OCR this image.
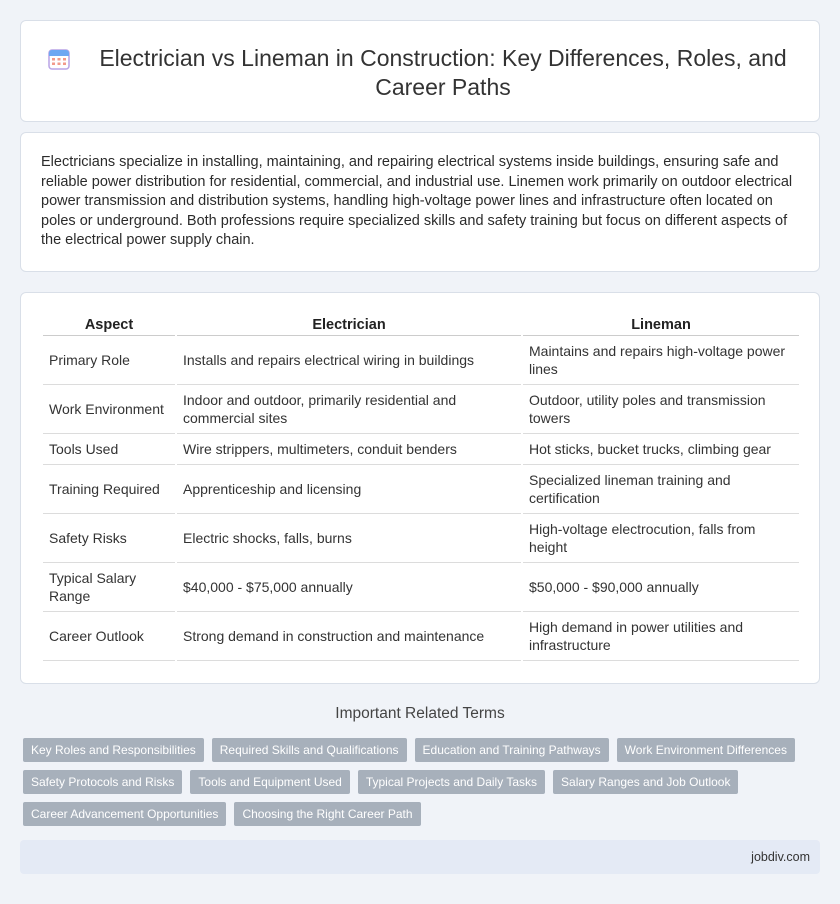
Electrician vs Lineman in Construction: Key Differences, Roles, and Career Paths

Electricians specialize in installing, maintaining, and repairing electrical systems inside buildings, ensuring safe and reliable power distribution for residential, commercial, and industrial use. Linemen work primarily on outdoor electrical power transmission and distribution systems, handling high-voltage power lines and infrastructure often located on poles or underground. Both professions require specialized skills and safety training but focus on different aspects of the electrical power supply chain.

Aspect	Electrician	Lineman
Primary Role	Installs and repairs electrical wiring in buildings	Maintains and repairs high-voltage power lines
Work Environment	Indoor and outdoor, primarily residential and commercial sites	Outdoor, utility poles and transmission towers
Tools Used	Wire strippers, multimeters, conduit benders	Hot sticks, bucket trucks, climbing gear
Training Required	Apprenticeship and licensing	Specialized lineman training and certification
Safety Risks	Electric shocks, falls, burns	High-voltage electrocution, falls from height
Typical Salary Range	$40,000 - $75,000 annually	$50,000 - $90,000 annually
Career Outlook	Strong demand in construction and maintenance	High demand in power utilities and infrastructure
Important Related Terms
Key Roles and Responsibilities	Required Skills and Qualifications	Education and Training Pathways	Work Environment Differences
Safety Protocols and Risks	Tools and Equipment Used	Typical Projects and Daily Tasks	Salary Ranges and Job Outlook
Career Advancement Opportunities	Choosing the Right Career Path
jobdiv.com
